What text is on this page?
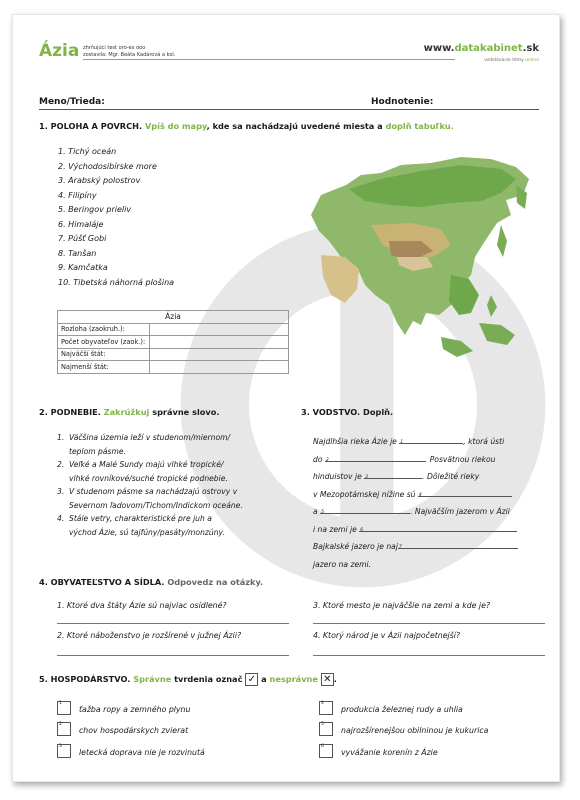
Ázia zhrňujúci test oro-ex ooo
zostavila: Mgr. Beáta Kadárová a kol.
www.datakabinet.sk
vzdelávacie témy online
Meno/Trieda:	Hodnotenie:
1. POLOHA A POVRCH. Vpíš do mapy, kde sa nachádzajú uvedené miesta a doplň tabuľku.
1. Tichý oceán
2. Východosibírske more
3. Arabský polostrov
4. Filipíny
5. Beringov prieliv
6. Himaláje
7. Púšť Gobi
8. Tanšan
9. Kamčatka
10. Tibetská náhorná plošina
Ázia	
Rozloha (zaokruh.):	
Počet obyvateľov (zaok.):	
Najväčší štát:	
Najmenší štát:	
2. PODNEBIE. Zakrúžkuj správne slovo.
1. Väčšina územia leží v studenom/miernom/
teplom pásme.
2. Veľké a Malé Sundy majú vlhké tropické/
vlhké rovníkové/suché tropické podnebie.
3. V studenom pásme sa nachádzajú ostrovy v
Severnom ľadovom/Tichom/Indickom oceáne.
4. Stále vetry, charakteristické pre juh a
východ Ázie, sú tajfúny/pasáty/monzúny.
3. VODSTVO. Doplň.
Najdlhšia rieka Ázie je 1	, ktorá ústi
do 2	. Posvätnou riekou
hinduistov je 3	. Dôležité rieky
v Mezopotámskej nížine sú 4
a 5	. Najväčším jazerom v Ázii
i na zemi je 6
Bajkalské jazero je naj 7
jazero na zemi.
4. OBYVATEĽSTVO A SÍDLA. Odpovedz na otázky.
1. Ktoré dva štáty Ázie sú najviac osídlené?	3. Ktoré mesto je najväčšie na zemi a kde je?
2. Ktoré náboženstvo je rozšírené v južnej Ázii?	4. Ktorý národ je v Ázii najpočetnejší?
5. HOSPODÁRSTVO. Správne tvrdenia označ ✓ a nesprávne ✕ .
1
ťažba ropy a zemného plynu
4
produkcia železnej rudy a uhlia
2
chov hospodárskych zvierat
5
najrozšírenejšou obilninou je kukurica
3
letecká doprava nie je rozvinutá
6
vyvážanie korenín z Ázie
